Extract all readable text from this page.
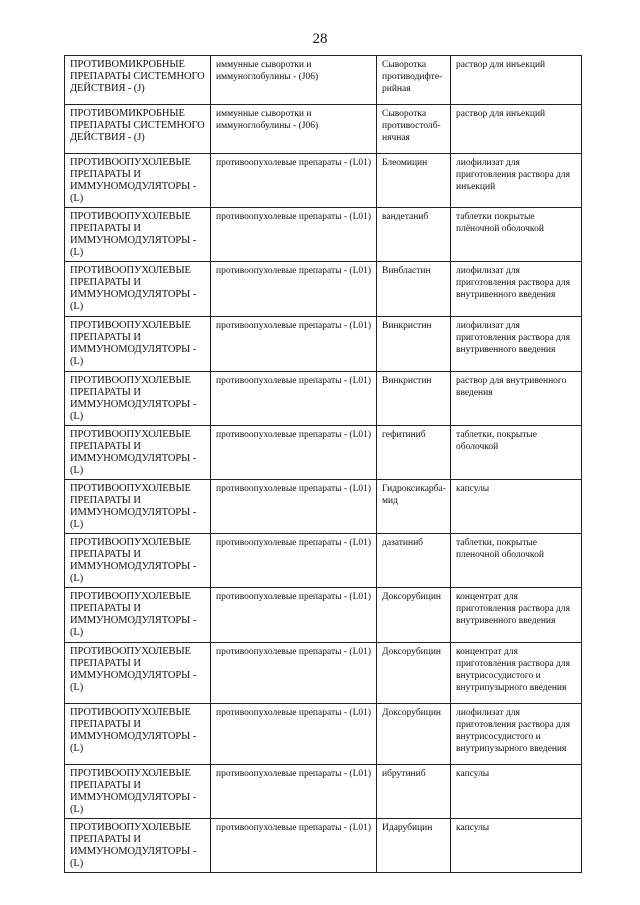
28
ПРОТИВОМИКРОБНЫЕ ПРЕПАРАТЫ СИСТЕМНОГО ДЕЙСТВИЯ - (J)	иммунные сыворотки и иммуноглобулины - (J06)	Сыворотка противодифте-рийная	раствор для инъекций
ПРОТИВОМИКРОБНЫЕ ПРЕПАРАТЫ СИСТЕМНОГО ДЕЙСТВИЯ - (J)	иммунные сыворотки и иммуноглобулины - (J06)	Сыворотка противостолб-нячная	раствор для инъекций
ПРОТИВООПУХОЛЕВЫЕ ПРЕПАРАТЫ И ИММУНОМОДУЛЯТОРЫ - (L)	противоопухолевые препараты - (L01)	Блеомицин	лиофилизат для приготовления раствора для инъекций
ПРОТИВООПУХОЛЕВЫЕ ПРЕПАРАТЫ И ИММУНОМОДУЛЯТОРЫ - (L)	противоопухолевые препараты - (L01)	вандетаниб	таблетки покрытые плёночной оболочкой
ПРОТИВООПУХОЛЕВЫЕ ПРЕПАРАТЫ И ИММУНОМОДУЛЯТОРЫ - (L)	противоопухолевые препараты - (L01)	Винбластин	лиофилизат для приготовления раствора для внутривенного введения
ПРОТИВООПУХОЛЕВЫЕ ПРЕПАРАТЫ И ИММУНОМОДУЛЯТОРЫ - (L)	противоопухолевые препараты - (L01)	Винкристин	лиофилизат для приготовления раствора для внутривенного введения
ПРОТИВООПУХОЛЕВЫЕ ПРЕПАРАТЫ И ИММУНОМОДУЛЯТОРЫ - (L)	противоопухолевые препараты - (L01)	Винкристин	раствор для внутривенного введения
ПРОТИВООПУХОЛЕВЫЕ ПРЕПАРАТЫ И ИММУНОМОДУЛЯТОРЫ - (L)	противоопухолевые препараты - (L01)	гефитиниб	таблетки, покрытые оболочкой
ПРОТИВООПУХОЛЕВЫЕ ПРЕПАРАТЫ И ИММУНОМОДУЛЯТОРЫ - (L)	противоопухолевые препараты - (L01)	Гидроксикарба-мид	капсулы
ПРОТИВООПУХОЛЕВЫЕ ПРЕПАРАТЫ И ИММУНОМОДУЛЯТОРЫ - (L)	противоопухолевые препараты - (L01)	дазатиниб	таблетки, покрытые пленочной оболочкой
ПРОТИВООПУХОЛЕВЫЕ ПРЕПАРАТЫ И ИММУНОМОДУЛЯТОРЫ - (L)	противоопухолевые препараты - (L01)	Доксорубицин	концентрат для приготовления раствора для внутривенного введения
ПРОТИВООПУХОЛЕВЫЕ ПРЕПАРАТЫ И ИММУНОМОДУЛЯТОРЫ - (L)	противоопухолевые препараты - (L01)	Доксорубицин	концентрат для приготовления раствора для внутрисосудистого и внутрипузырного введения
ПРОТИВООПУХОЛЕВЫЕ ПРЕПАРАТЫ И ИММУНОМОДУЛЯТОРЫ - (L)	противоопухолевые препараты - (L01)	Доксорубицин	лиофилизат для приготовления раствора для внутрисосудистого и внутрипузырного введения
ПРОТИВООПУХОЛЕВЫЕ ПРЕПАРАТЫ И ИММУНОМОДУЛЯТОРЫ - (L)	противоопухолевые препараты - (L01)	ибрутиниб	капсулы
ПРОТИВООПУХОЛЕВЫЕ ПРЕПАРАТЫ И ИММУНОМОДУЛЯТОРЫ - (L)	противоопухолевые препараты - (L01)	Идарубицин	капсулы
